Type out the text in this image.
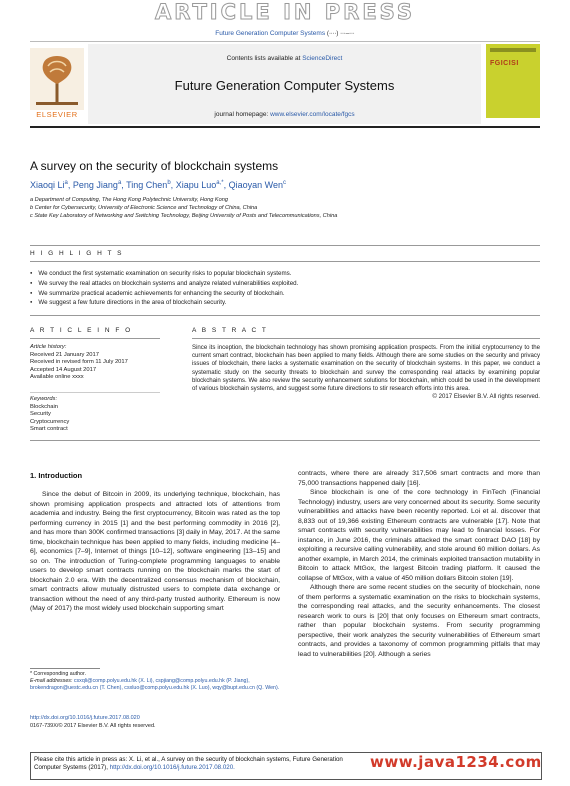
ARTICLE IN PRESS
Future Generation Computer Systems (∙∙∙∙) ∙∙∙–∙∙∙
ELSEVIER
Contents lists available at ScienceDirect
Future Generation Computer Systems
journal homepage: www.elsevier.com/locate/fgcs
FGICISI
A survey on the security of blockchain systems
Xiaoqi Li$^a$, Peng Jiang$^a$, Ting Chen$^b$, Xiapu Luo$^{a,*}$, Qiaoyan Wen$^c$
a Department of Computing, The Hong Kong Polytechnic University, Hong Kong
b Center for Cybersecurity, University of Electronic Science and Technology of China, China
c State Key Laboratory of Networking and Switching Technology, Beijing University of Posts and Telecommunications, China
H I G H L I G H T S
● We conduct the first systematic examination on security risks to popular blockchain systems.
● We survey the real attacks on blockchain systems and analyze related vulnerabilities exploited.
● We summarize practical academic achievements for enhancing the security of blockchain.
● We suggest a few future directions in the area of blockchain security.
A R T I C L E I N F O
Article history:
Received 21 January 2017
Received in revised form 11 July 2017
Accepted 14 August 2017
Available online xxxx
Keywords:
Blockchain
Security
Cryptocurrency
Smart contract
A B S T R A C T
Since its inception, the blockchain technology has shown promising application prospects. From the initial cryptocurrency to the current smart contract, blockchain has been applied to many fields. Although there are some studies on the security and privacy issues of blockchain, there lacks a systematic examination on the security of blockchain systems. In this paper, we conduct a systematic study on the security threats to blockchain and survey the corresponding real attacks by examining popular blockchain systems. We also review the security enhancement solutions for blockchain, which could be used in the development of various blockchain systems, and suggest some future directions to stir research efforts into this area.
© 2017 Elsevier B.V. All rights reserved.
1. Introduction

Since the debut of Bitcoin in 2009, its underlying technique, blockchain, has shown promising application prospects and attracted lots of attentions from academia and industry. Being the first cryptocurrency, Bitcoin was rated as the top performing currency in 2015 [1] and the best performing commodity in 2016 [2], and has more than 300K confirmed transactions [3] daily in May, 2017. At the same time, blockchain technique has been applied to many fields, including medicine [4–6], economics [7–9], Internet of things [10–12], software engineering [13–15] and so on. The introduction of Turing-complete programming languages to enable users to develop smart contracts running on the blockchain marks the start of blockchain 2.0 era. With the decentralized consensus mechanism of blockchain, smart contracts allow mutually distrusted users to complete data exchange or transaction without the need of any third-party trusted authority. Ethereum is now (May of 2017) the most widely used blockchain supporting smart

contracts, where there are already 317,506 smart contracts and more than 75,000 transactions happened daily [16].

Since blockchain is one of the core technology in FinTech (Financial Technology) industry, users are very concerned about its security. Some security vulnerabilities and attacks have been recently reported. Loi et al. discover that 8,833 out of 19,366 existing Ethereum contracts are vulnerable [17]. Note that smart contracts with security vulnerabilities may lead to financial losses. For instance, in June 2016, the criminals attacked the smart contract DAO [18] by exploiting a recursive calling vulnerability, and stole around 60 million dollars. As another example, in March 2014, the criminals exploited transaction mutability in Bitcoin to attack MtGox, the largest Bitcoin trading platform. It caused the collapse of MtGox, with a value of 450 million dollars Bitcoin stolen [19].

Although there are some recent studies on the security of blockchain, none of them performs a systematic examination on the risks to blockchain systems, the corresponding real attacks, and the security enhancements. The closest research work to ours is [20] that only focuses on Ethereum smart contracts, rather than popular blockchain systems. From security programming perspective, their work analyzes the security vulnerabilities of Ethereum smart contracts, and provides a taxonomy of common programming pitfalls that may lead to vulnerabilities [20]. Although a series

* Corresponding author.
E-mail addresses: csxqli@comp.polyu.edu.hk (X. Li), cspjiang@comp.polyu.edu.hk (P. Jiang), brokendragon@uestc.edu.cn (T. Chen), csxluo@comp.polyu.edu.hk (X. Luo), wqy@bupt.edu.cn (Q. Wen).
http://dx.doi.org/10.1016/j.future.2017.08.020
0167-739X/© 2017 Elsevier B.V. All rights reserved.
Please cite this article in press as: X. Li, et al., A survey on the security of blockchain systems, Future Generation Computer Systems (2017), http://dx.doi.org/10.1016/j.future.2017.08.020.	www.java1234.com
